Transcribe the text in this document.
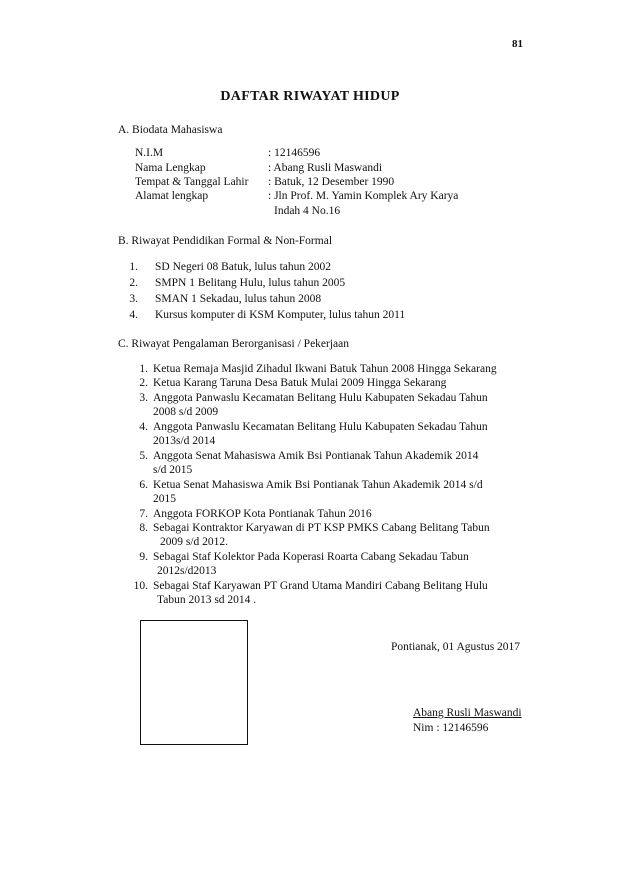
81
DAFTAR RIWAYAT HIDUP
A. Biodata Mahasiswa
N.I.M	: 12146596
Nama Lengkap	: Abang Rusli Maswandi
Tempat & Tanggal Lahir : Batuk, 12 Desember 1990
Alamat lengkap	: Jln Prof. M. Yamin Komplek Ary Karya
Indah 4 No.16
B. Riwayat Pendidikan Formal & Non-Formal
1. SD Negeri 08 Batuk, lulus tahun 2002
2. SMPN 1 Belitang Hulu, lulus tahun 2005
3. SMAN 1 Sekadau, lulus tahun 2008
4. Kursus komputer di KSM Komputer, lulus tahun 2011
C. Riwayat Pengalaman Berorganisasi / Pekerjaan
1. Ketua Remaja Masjid Zihadul Ikwani Batuk Tahun 2008 Hingga Sekarang
2. Ketua Karang Taruna Desa Batuk Mulai 2009 Hingga Sekarang
3. Anggota Panwaslu Kecamatan Belitang Hulu Kabupaten Sekadau Tahun
2008 s/d 2009
4. Anggota Panwaslu Kecamatan Belitang Hulu Kabupaten Sekadau Tahun
2013s/d 2014
5. Anggota Senat Mahasiswa Amik Bsi Pontianak Tahun Akademik 2014
s/d 2015
6. Ketua Senat Mahasiswa Amik Bsi Pontianak Tahun Akademik 2014 s/d
2015
7. Anggota FORKOP Kota Pontianak Tahun 2016
8. Sebagai Kontraktor Karyawan di PT KSP PMKS Cabang Belitang Tabun
2009 s/d 2012.
9. Sebagai Staf Kolektor Pada Koperasi Roarta Cabang Sekadau Tabun
2012s/d2013
10. Sebagai Staf Karyawan PT Grand Utama Mandiri Cabang Belitang Hulu
Tabun 2013 sd 2014 .
Pontianak, 01 Agustus 2017
Abang Rusli Maswandi
Nim : 12146596
